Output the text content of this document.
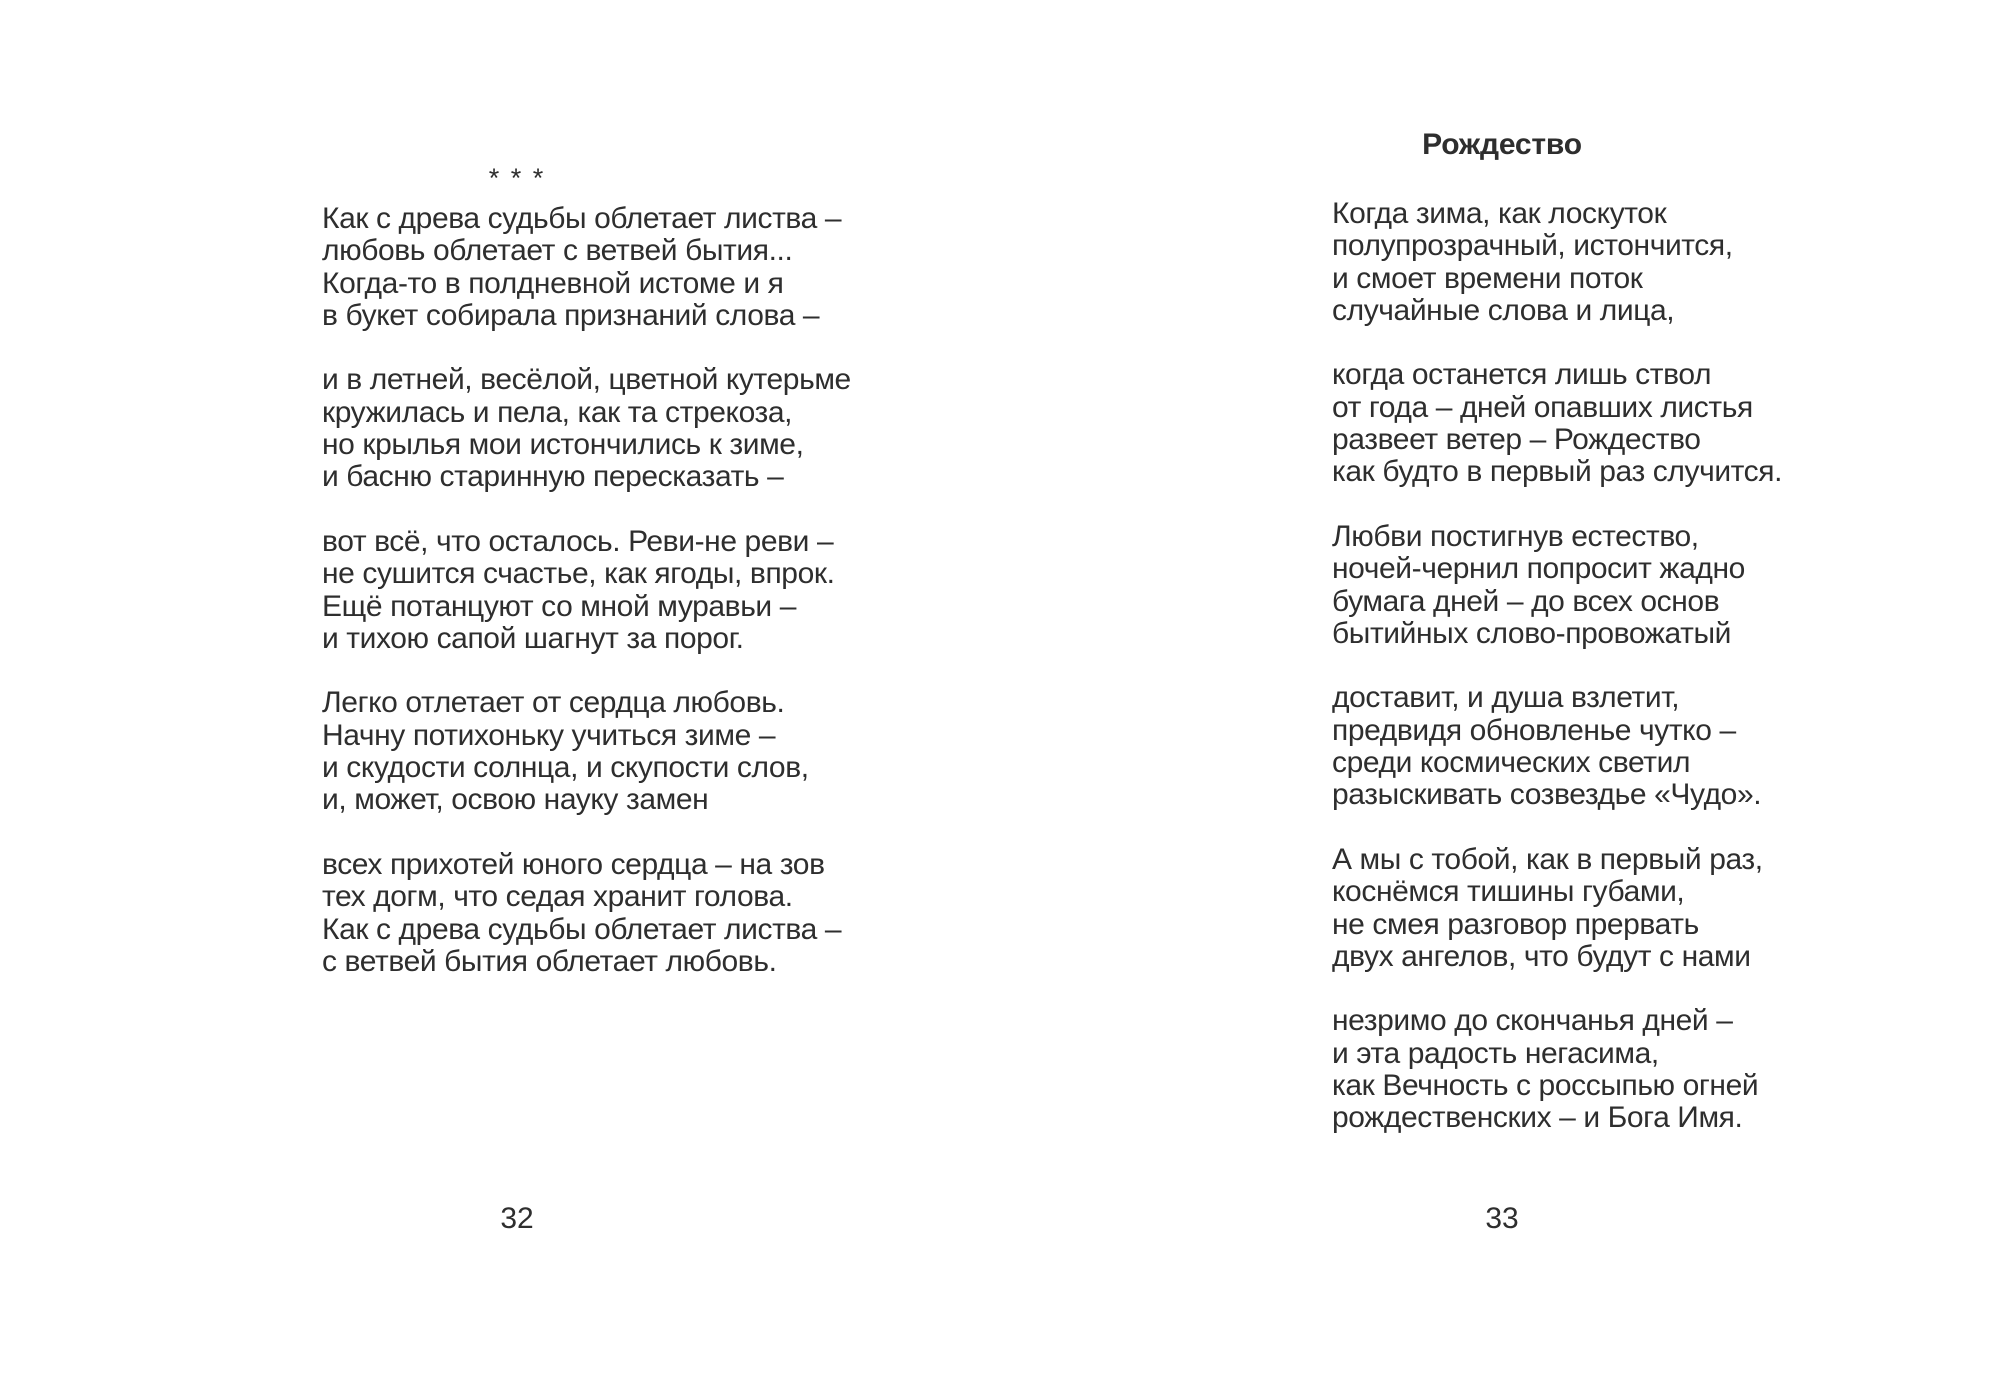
* * *
Как с древа судьбы облетает листва –
любовь облетает с ветвей бытия...
Когда-то в полдневной истоме и я
в букет собирала признаний слова –
и в летней, весёлой, цветной кутерьме
кружилась и пела, как та стрекоза,
но крылья мои истончились к зиме,
и басню старинную пересказать –
вот всё, что осталось. Реви-не реви –
не сушится счастье, как ягоды, впрок.
Ещё потанцуют со мной муравьи –
и тихою сапой шагнут за порог.
Легко отлетает от сердца любовь.
Начну потихоньку учиться зиме –
и скудости солнца, и скупости слов,
и, может, освою науку замен
всех прихотей юного сердца – на зов
тех догм, что седая хранит голова.
Как с древа судьбы облетает листва –
с ветвей бытия облетает любовь.
32
Рождество
Когда зима, как лоскуток
полупрозрачный, истончится,
и смоет времени поток
случайные слова и лица,
когда останется лишь ствол
от года – дней опавших листья
развеет ветер – Рождество
как будто в первый раз случится.
Любви постигнув естество,
ночей-чернил попросит жадно
бумага дней – до всех основ
бытийных слово-провожатый
доставит, и душа взлетит,
предвидя обновленье чутко –
среди космических светил
разыскивать созвездье «Чудо».
А мы с тобой, как в первый раз,
коснёмся тишины губами,
не смея разговор прервать
двух ангелов, что будут с нами
незримо до скончанья дней –
и эта радость негасима,
как Вечность с россыпью огней
рождественских – и Бога Имя.
33
